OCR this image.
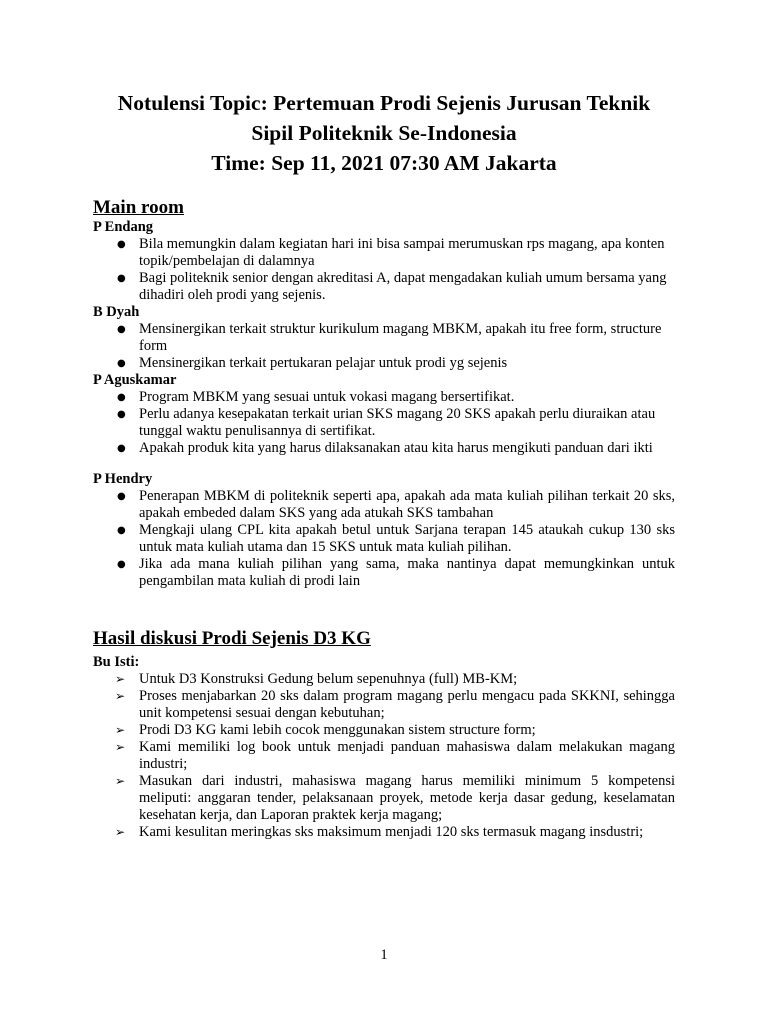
Notulensi Topic: Pertemuan Prodi Sejenis Jurusan Teknik
Sipil Politeknik Se-Indonesia
Time: Sep 11, 2021 07:30 AM Jakarta
Main room
P Endang
● Bila memungkin dalam kegiatan hari ini bisa sampai merumuskan rps magang, apa konten topik/pembelajan di dalamnya
● Bagi politeknik senior dengan akreditasi A, dapat mengadakan kuliah umum bersama yang dihadiri oleh prodi yang sejenis.
B Dyah
● Mensinergikan terkait struktur kurikulum magang MBKM, apakah itu free form, structure form
● Mensinergikan terkait pertukaran pelajar untuk prodi yg sejenis
P Aguskamar
● Program MBKM yang sesuai untuk vokasi magang bersertifikat.
● Perlu adanya kesepakatan terkait urian SKS magang 20 SKS apakah perlu diuraikan atau tunggal waktu penulisannya di sertifikat.
● Apakah produk kita yang harus dilaksanakan atau kita harus mengikuti panduan dari ikti
P Hendry
● Penerapan MBKM di politeknik seperti apa, apakah ada mata kuliah pilihan terkait 20 sks, apakah embeded dalam SKS yang ada atukah SKS tambahan
● Mengkaji ulang CPL kita apakah betul untuk Sarjana terapan 145 ataukah cukup 130 sks untuk mata kuliah utama dan 15 SKS untuk mata kuliah pilihan.
● Jika ada mana kuliah pilihan yang sama, maka nantinya dapat memungkinkan untuk pengambilan mata kuliah di prodi lain
Hasil diskusi Prodi Sejenis D3 KG
Bu Isti:
➢ Untuk D3 Konstruksi Gedung belum sepenuhnya (full) MB-KM;
➢ Proses menjabarkan 20 sks dalam program magang perlu mengacu pada SKKNI, sehingga unit kompetensi sesuai dengan kebutuhan;
➢ Prodi D3 KG kami lebih cocok menggunakan sistem structure form;
➢ Kami memiliki log book untuk menjadi panduan mahasiswa dalam melakukan magang industri;
➢ Masukan dari industri, mahasiswa magang harus memiliki minimum 5 kompetensi meliputi: anggaran tender, pelaksanaan proyek, metode kerja dasar gedung, keselamatan kesehatan kerja, dan Laporan praktek kerja magang;
➢ Kami kesulitan meringkas sks maksimum menjadi 120 sks termasuk magang insdustri;
1
